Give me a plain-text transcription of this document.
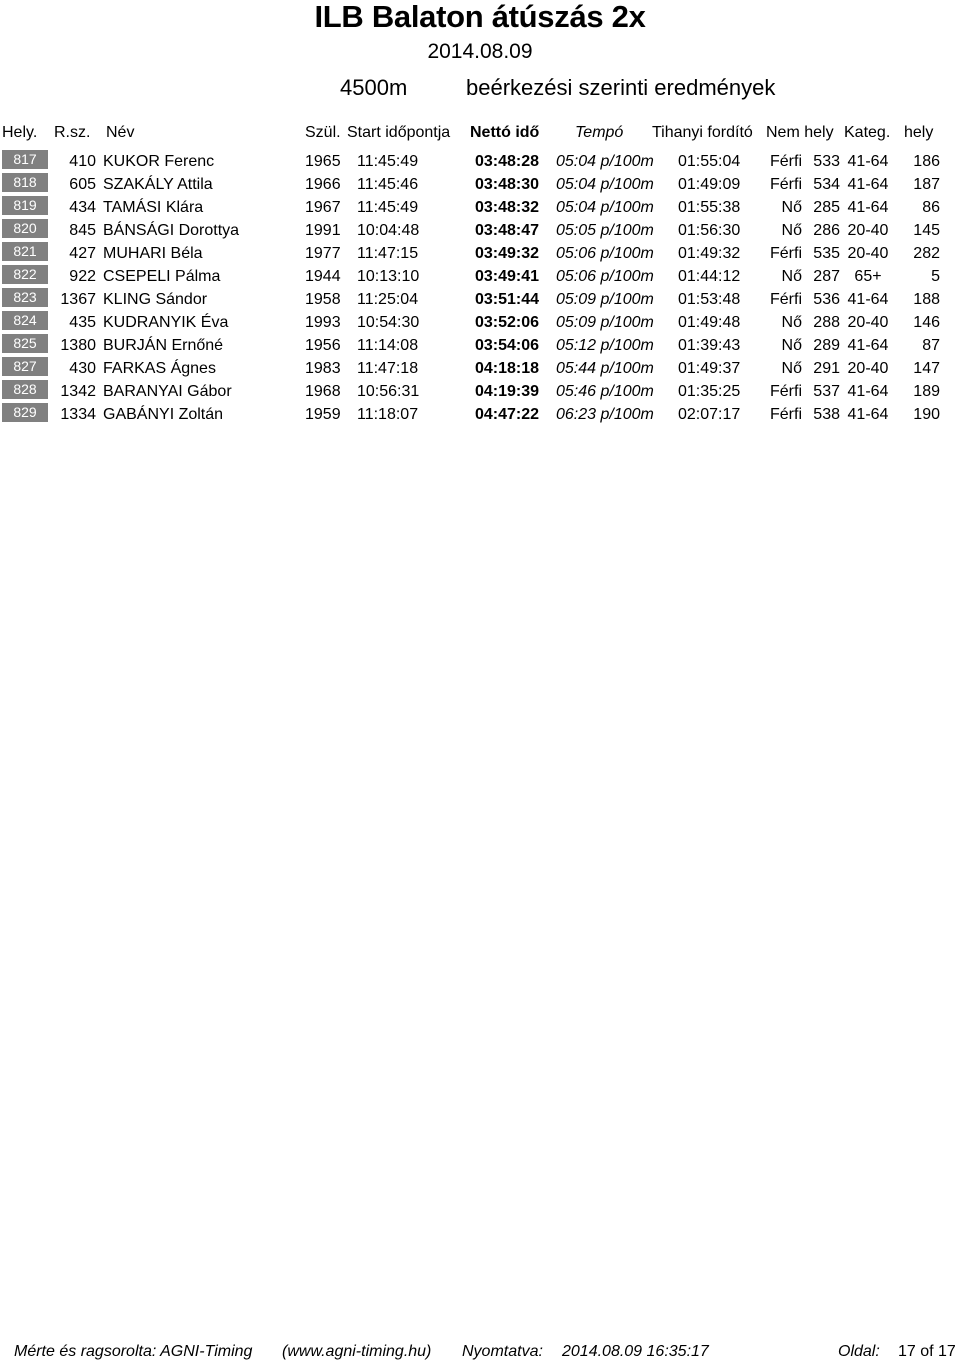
ILB Balaton átúszás 2x
2014.08.09
4500m	beérkezési szerinti eredmények
Hely. R.sz. Név	Szül. Start időpontja Nettó idő Tempó Tihanyi fordító Nem hely Kateg. hely
817	410 KUKOR Ferenc	1965 11:45:49	03:48:28 05:04 p/100m 01:55:04	Férfi 533 41-64	186
818	605 SZAKÁLY Attila	1966 11:45:46	03:48:30 05:04 p/100m 01:49:09	Férfi 534 41-64	187
819	434 TAMÁSI Klára	1967 11:45:49	03:48:32 05:04 p/100m 01:55:38	Nő 285 41-64	86
820	845 BÁNSÁGI Dorottya	1991 10:04:48	03:48:47 05:05 p/100m 01:56:30	Nő 286 20-40	145
821	427 MUHARI Béla	1977 11:47:15	03:49:32 05:06 p/100m 01:49:32	Férfi 535 20-40	282
822	922 CSEPELI Pálma	1944 10:13:10	03:49:41 05:06 p/100m 01:44:12	Nő 287 65+	5
823	1367 KLING Sándor	1958 11:25:04	03:51:44 05:09 p/100m 01:53:48	Férfi 536 41-64	188
824	435 KUDRANYIK Éva	1993 10:54:30	03:52:06 05:09 p/100m 01:49:48	Nő 288 20-40	146
825	1380 BURJÁN Ernőné	1956 11:14:08	03:54:06 05:12 p/100m 01:39:43	Nő 289 41-64	87
827	430 FARKAS Ágnes	1983 11:47:18	04:18:18 05:44 p/100m 01:49:37	Nő 291 20-40	147
828	1342 BARANYAI Gábor	1968 10:56:31	04:19:39 05:46 p/100m 01:35:25	Férfi 537 41-64	189
829	1334 GABÁNYI Zoltán	1959 11:18:07	04:47:22 06:23 p/100m 02:07:17	Férfi 538 41-64	190
Mérte és ragsorolta: AGNI-Timing (www.agni-timing.hu) Nyomtatva: 2014.08.09 16:35:17	Oldal: 17 of 17
